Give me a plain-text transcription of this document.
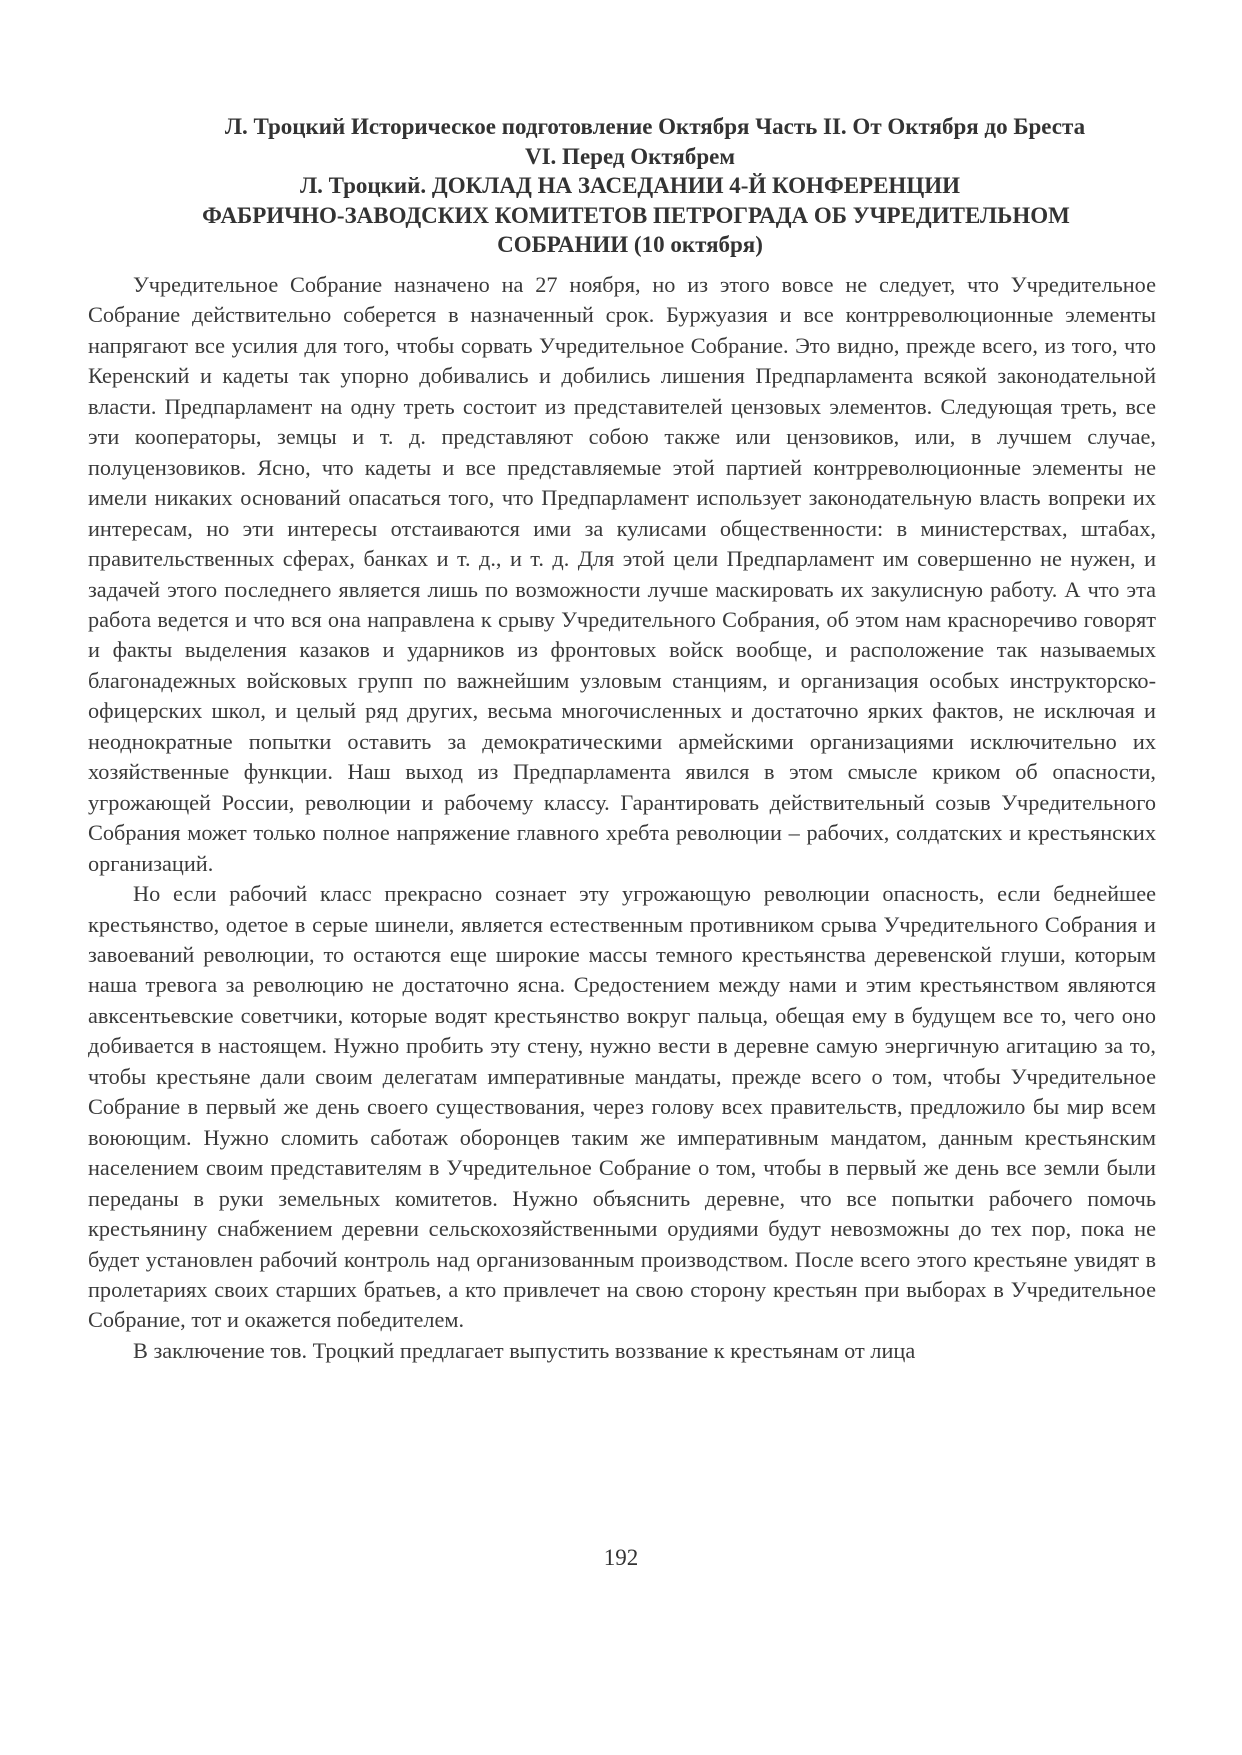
Л. Троцкий Историческое подготовление Октября Часть II. От Октября до Бреста
VI. Перед Октябрем
Л. Троцкий. ДОКЛАД НА ЗАСЕДАНИИ 4-Й КОНФЕРЕНЦИИ
ФАБРИЧНО-ЗАВОДСКИХ КОМИТЕТОВ ПЕТРОГРАДА ОБ УЧРЕДИТЕЛЬНОМ
СОБРАНИИ (10 октября)

Учредительное Собрание назначено на 27 ноября, но из этого вовсе не следует, что Учредительное Собрание действительно соберется в назначенный срок. Буржуазия и все контрреволюционные элементы напрягают все усилия для того, чтобы сорвать Учредительное Собрание. Это видно, прежде всего, из того, что Керенский и кадеты так упорно добивались и добились лишения Предпарламента всякой законодательной власти. Предпарламент на одну треть состоит из представителей цензовых элементов. Следующая треть, все эти кооператоры, земцы и т. д. представляют собою также или цензовиков, или, в лучшем случае, полуцензовиков. Ясно, что кадеты и все представляемые этой партией контрреволюционные элементы не имели никаких оснований опасаться того, что Предпарламент использует законодательную власть вопреки их интересам, но эти интересы отстаиваются ими за кулисами общественности: в министерствах, штабах, правительственных сферах, банках и т. д., и т. д. Для этой цели Предпарламент им совершенно не нужен, и задачей этого последнего является лишь по возможности лучше маскировать их закулисную работу. А что эта работа ведется и что вся она направлена к срыву Учредительного Собрания, об этом нам красноречиво говорят и факты выделения казаков и ударников из фронтовых войск вообще, и расположение так называемых благонадежных войсковых групп по важнейшим узловым станциям, и организация особых инструкторско-офицерских школ, и целый ряд других, весьма многочисленных и достаточно ярких фактов, не исключая и неоднократные попытки оставить за демократическими армейскими организациями исключительно их хозяйственные функции. Наш выход из Предпарламента явился в этом смысле криком об опасности, угрожающей России, революции и рабочему классу. Гарантировать действительный созыв Учредительного Собрания может только полное напряжение главного хребта революции – рабочих, солдатских и крестьянских организаций.

Но если рабочий класс прекрасно сознает эту угрожающую революции опасность, если беднейшее крестьянство, одетое в серые шинели, является естественным противником срыва Учредительного Собрания и завоеваний революции, то остаются еще широкие массы темного крестьянства деревенской глуши, которым наша тревога за революцию не достаточно ясна. Средостением между нами и этим крестьянством являются авксентьевские советчики, которые водят крестьянство вокруг пальца, обещая ему в будущем все то, чего оно добивается в настоящем. Нужно пробить эту стену, нужно вести в деревне самую энергичную агитацию за то, чтобы крестьяне дали своим делегатам императивные мандаты, прежде всего о том, чтобы Учредительное Собрание в первый же день своего существования, через голову всех правительств, предложило бы мир всем воюющим. Нужно сломить саботаж оборонцев таким же императивным мандатом, данным крестьянским населением своим представителям в Учредительное Собрание о том, чтобы в первый же день все земли были переданы в руки земельных комитетов. Нужно объяснить деревне, что все попытки рабочего помочь крестьянину снабжением деревни сельскохозяйственными орудиями будут невозможны до тех пор, пока не будет установлен рабочий контроль над организованным производством. После всего этого крестьяне увидят в пролетариях своих старших братьев, а кто привлечет на свою сторону крестьян при выборах в Учредительное Собрание, тот и окажется победителем.

В заключение тов. Троцкий предлагает выпустить воззвание к крестьянам от лица

192
